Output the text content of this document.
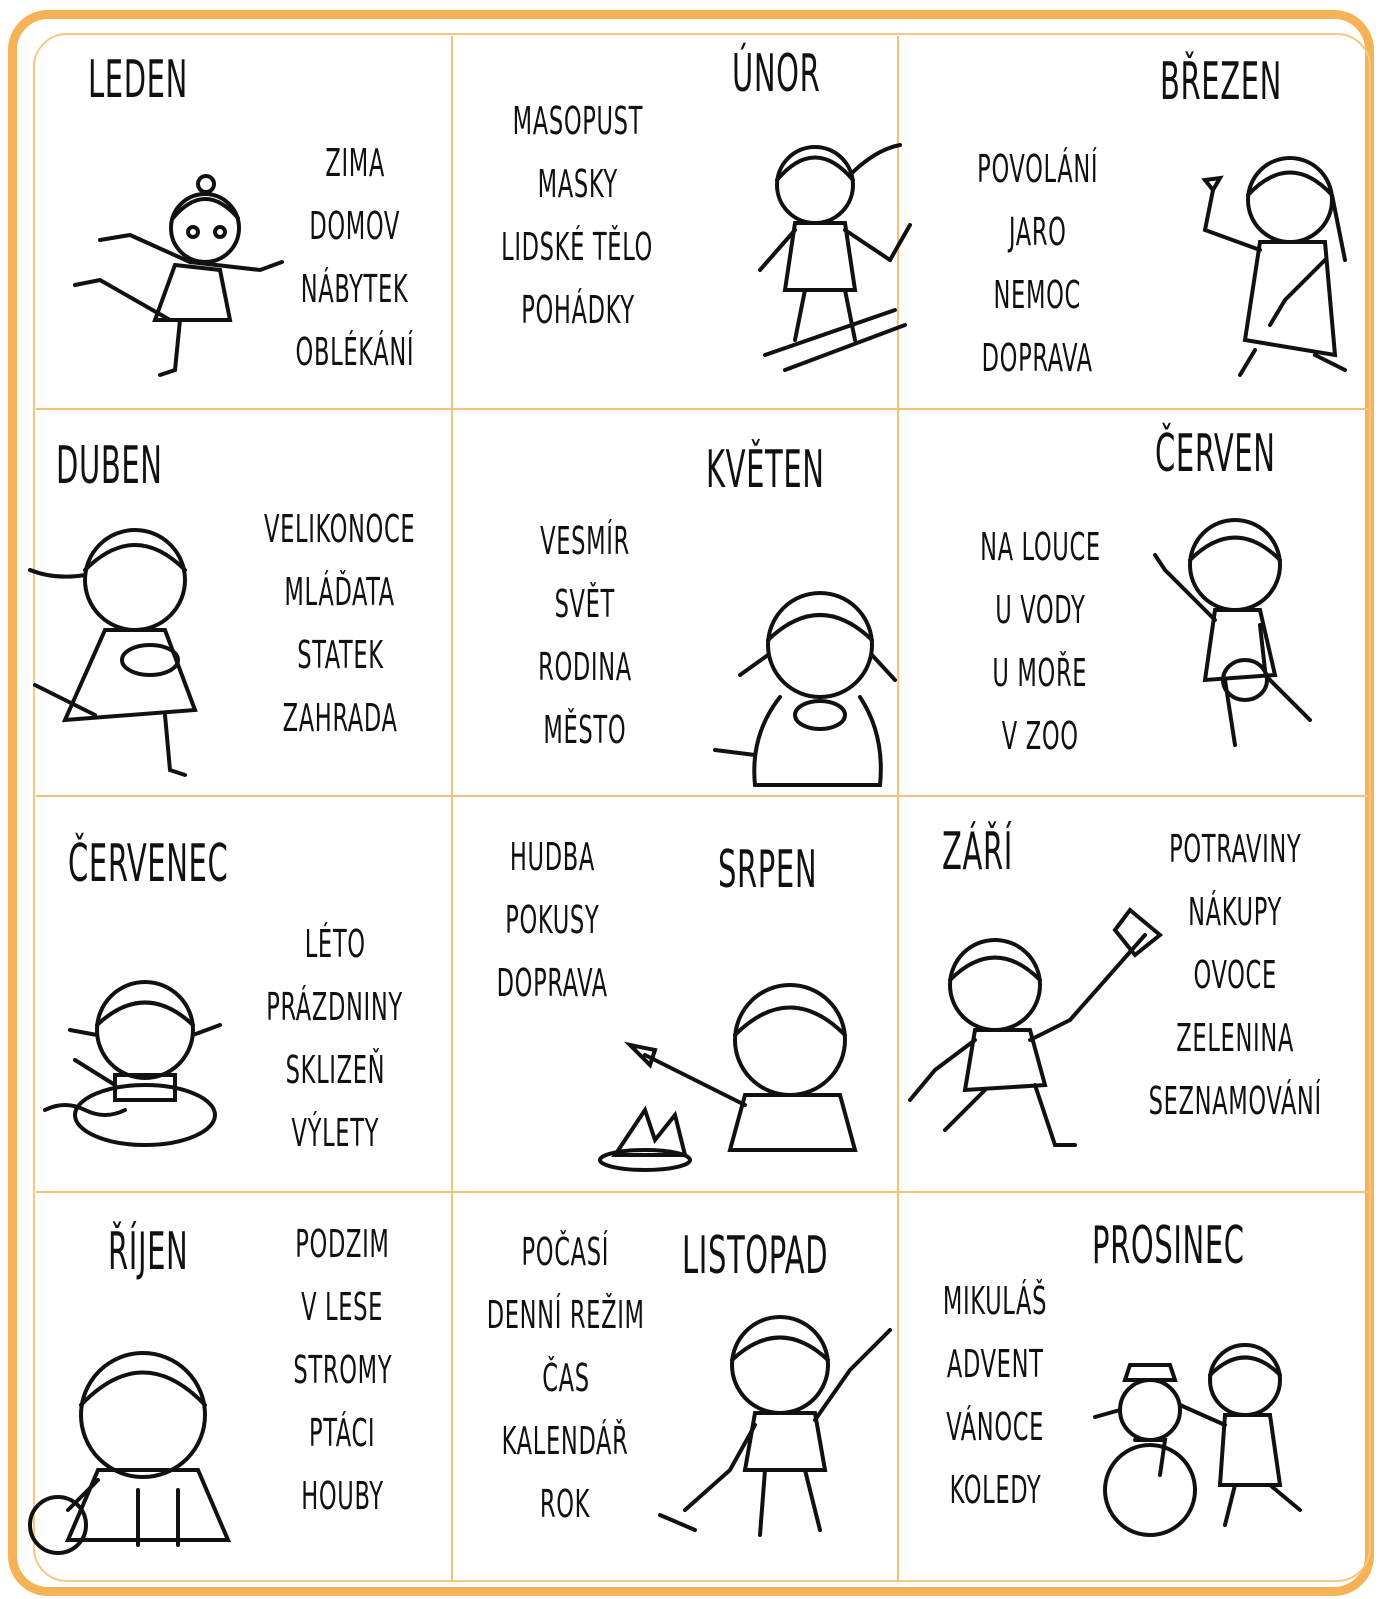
LEDEN
ZIMA
DOMOV
NÁBYTEK
OBLÉKÁNÍ
ÚNOR
MASOPUST
MASKY
LIDSKÉ TĚLO
POHÁDKY
BŘEZEN
POVOLÁNÍ
JARO
NEMOC
DOPRAVA
DUBEN
VELIKONOCE
MLÁĎATA
STATEK
ZAHRADA
KVĚTEN
VESMÍR
SVĚT
RODINA
MĚSTO
ČERVEN
NA LOUCE
U VODY
U MOŘE
V ZOO
ČERVENEC
LÉTO
PRÁZDNINY
SKLIZEŇ
VÝLETY
SRPEN
HUDBA
POKUSY
DOPRAVA
ZÁŘÍ	POTRAVINY
NÁKUPY
OVOCE
ZELENINA
SEZNAMOVÁNÍ
ŘÍJEN	PODZIM
V LESE
STROMY
PTÁCI
HOUBY
LISTOPAD
POČASÍ
DENNÍ REŽIM
ČAS
KALENDÁŘ
ROK
PROSINEC
MIKULÁŠ
ADVENT
VÁNOCE
KOLEDY
